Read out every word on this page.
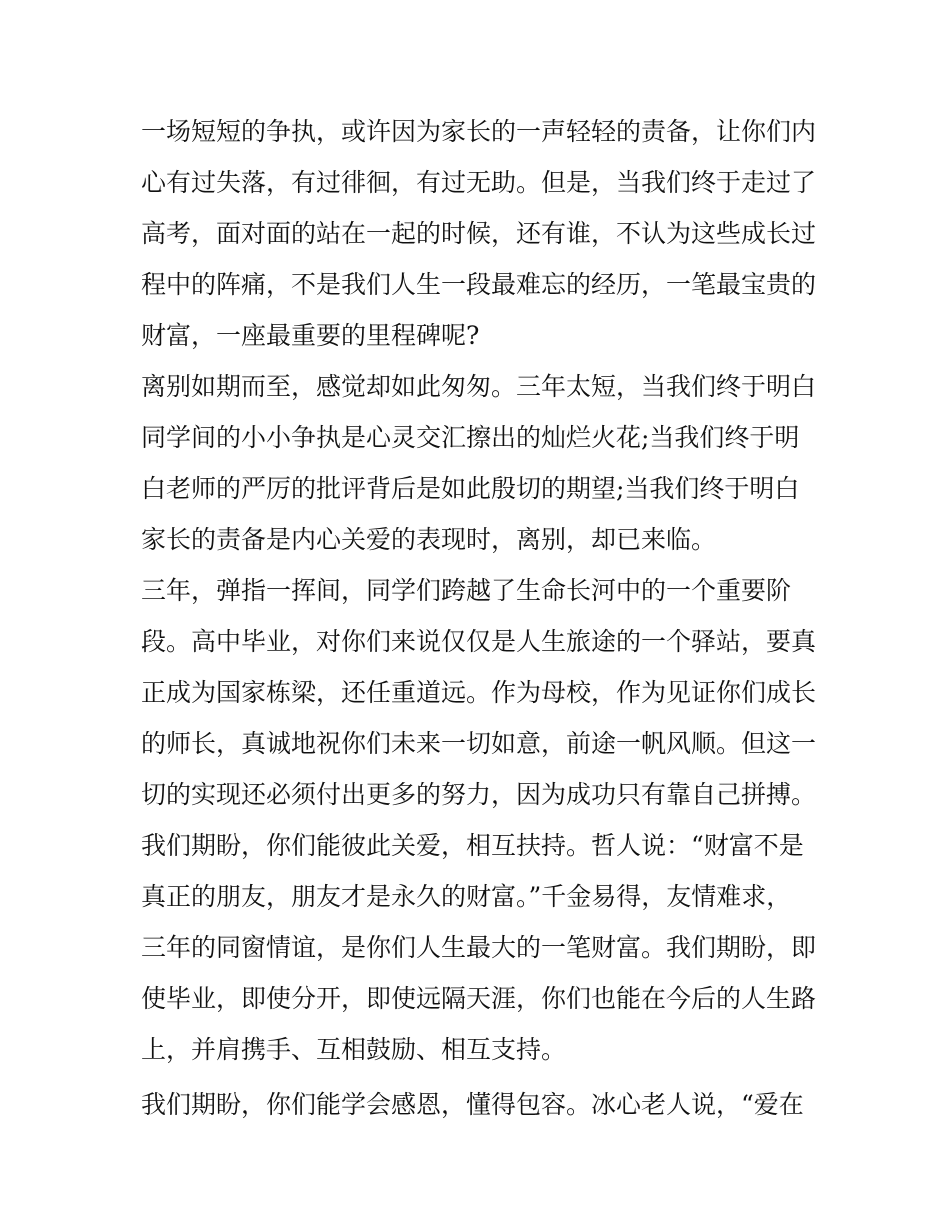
一场短短的争执，或许因为家长的一声轻轻的责备，让你们内
心有过失落，有过徘徊，有过无助。但是，当我们终于走过了
高考，面对面的站在一起的时候，还有谁，不认为这些成长过
程中的阵痛，不是我们人生一段最难忘的经历，一笔最宝贵的
财富，一座最重要的里程碑呢?
离别如期而至，感觉却如此匆匆。三年太短，当我们终于明白
同学间的小小争执是心灵交汇擦出的灿烂火花;当我们终于明
白老师的严厉的批评背后是如此殷切的期望;当我们终于明白
家长的责备是内心关爱的表现时，离别，却已来临。
三年，弹指一挥间，同学们跨越了生命长河中的一个重要阶
段。高中毕业，对你们来说仅仅是人生旅途的一个驿站，要真
正成为国家栋梁，还任重道远。作为母校，作为见证你们成长
的师长，真诚地祝你们未来一切如意，前途一帆风顺。但这一
切的实现还必须付出更多的努力，因为成功只有靠自己拼搏。
我们期盼，你们能彼此关爱，相互扶持。哲人说：“财富不是
真正的朋友，朋友才是永久的财富。”千金易得，友情难求，
三年的同窗情谊，是你们人生最大的一笔财富。我们期盼，即
使毕业，即使分开，即使远隔天涯，你们也能在今后的人生路
上，并肩携手、互相鼓励、相互支持。
我们期盼，你们能学会感恩，懂得包容。冰心老人说，“爱在
